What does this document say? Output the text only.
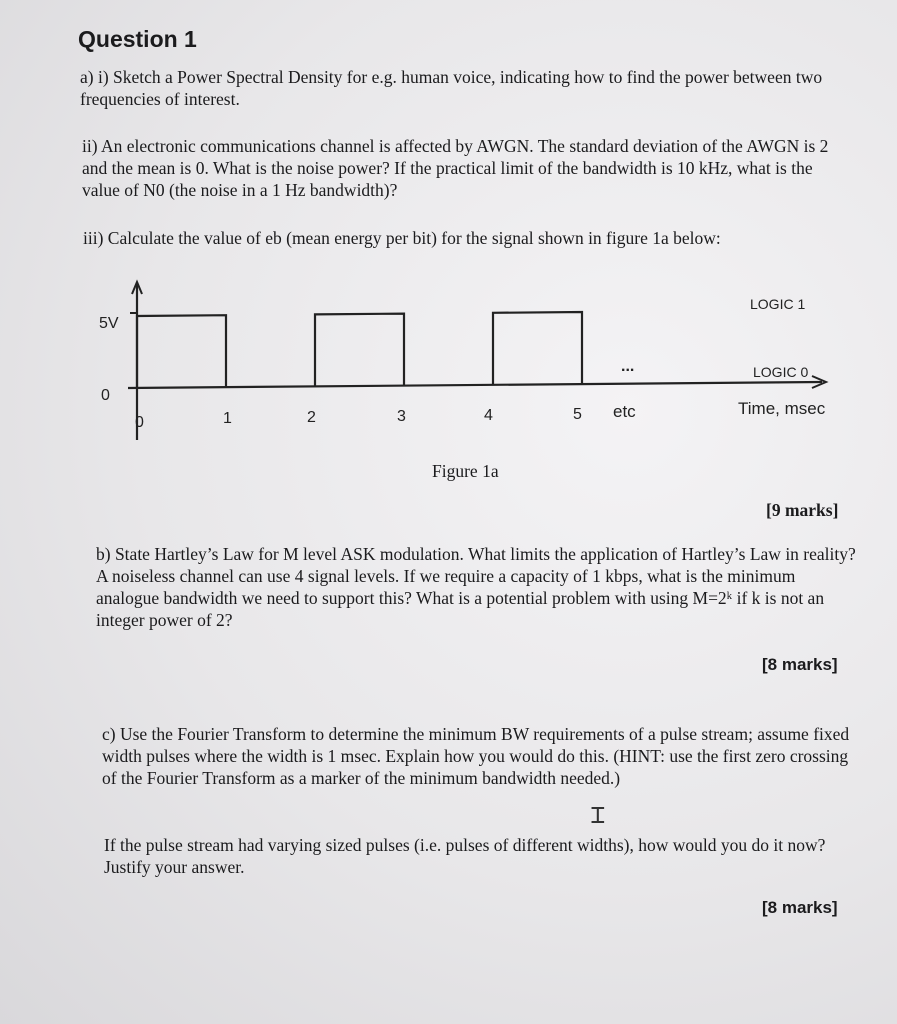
Question 1

a) i) Sketch a Power Spectral Density for e.g. human voice, indicating how to find the power between two frequencies of interest.

ii) An electronic communications channel is affected by AWGN. The standard deviation of the AWGN is 2 and the mean is 0. What is the noise power? If the practical limit of the bandwidth is 10 kHz, what is the value of N0 (the noise in a 1 Hz bandwidth)?

iii) Calculate the value of eb (mean energy per bit) for the signal shown in figure 1a below:

5V
0
LOGIC 1
LOGIC 0
...
etc	Time, msec
0	1	2	3	4	5
Figure 1a
[9 marks]

b) State Hartley’s Law for M level ASK modulation. What limits the application of Hartley’s Law in reality? A noiseless channel can use 4 signal levels. If we require a capacity of 1 kbps, what is the minimum analogue bandwidth we need to support this? What is a potential problem with using M=2ᵏ if k is not an integer power of 2?

[8 marks]

c) Use the Fourier Transform to determine the minimum BW requirements of a pulse stream; assume fixed width pulses where the width is 1 msec. Explain how you would do this. (HINT: use the first zero crossing of the Fourier Transform as a marker of the minimum bandwidth needed.)

Ꮖ

If the pulse stream had varying sized pulses (i.e. pulses of different widths), how would you do it now? Justify your answer.

[8 marks]
